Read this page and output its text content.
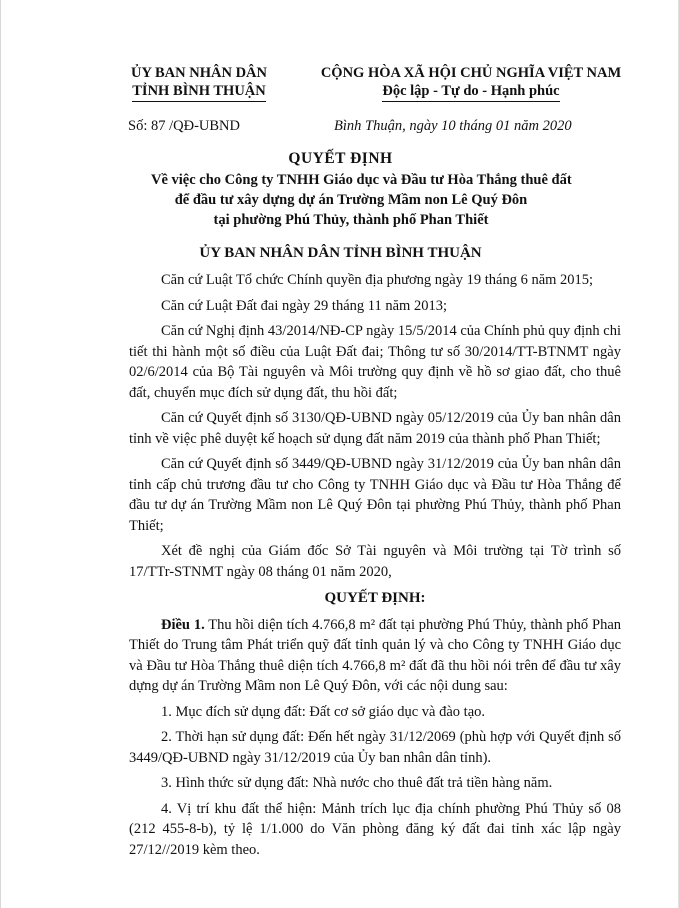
ỦY BAN NHÂN DÂN
TỈNH BÌNH THUẬN
CỘNG HÒA XÃ HỘI CHỦ NGHĨA VIỆT NAM
Độc lập - Tự do - Hạnh phúc
Số: 87 /QĐ-UBND	Bình Thuận, ngày 10 tháng 01 năm 2020
QUYẾT ĐỊNH
Về việc cho Công ty TNHH Giáo dục và Đầu tư Hòa Thắng thuê đất
để đầu tư xây dựng dự án Trường Mầm non Lê Quý Đôn
tại phường Phú Thủy, thành phố Phan Thiết
ỦY BAN NHÂN DÂN TỈNH BÌNH THUẬN

Căn cứ Luật Tổ chức Chính quyền địa phương ngày 19 tháng 6 năm 2015;

Căn cứ Luật Đất đai ngày 29 tháng 11 năm 2013;

Căn cứ Nghị định 43/2014/NĐ-CP ngày 15/5/2014 của Chính phủ quy định chi tiết thi hành một số điều của Luật Đất đai; Thông tư số 30/2014/TT-BTNMT ngày 02/6/2014 của Bộ Tài nguyên và Môi trường quy định về hồ sơ giao đất, cho thuê đất, chuyển mục đích sử dụng đất, thu hồi đất;

Căn cứ Quyết định số 3130/QĐ-UBND ngày 05/12/2019 của Ủy ban nhân dân tỉnh về việc phê duyệt kế hoạch sử dụng đất năm 2019 của thành phố Phan Thiết;

Căn cứ Quyết định số 3449/QĐ-UBND ngày 31/12/2019 của Ủy ban nhân dân tỉnh cấp chủ trương đầu tư cho Công ty TNHH Giáo dục và Đầu tư Hòa Thắng để đầu tư dự án Trường Mầm non Lê Quý Đôn tại phường Phú Thủy, thành phố Phan Thiết;

Xét đề nghị của Giám đốc Sở Tài nguyên và Môi trường tại Tờ trình số 17/TTr-STNMT ngày 08 tháng 01 năm 2020,

QUYẾT ĐỊNH:

Điều 1. Thu hồi diện tích 4.766,8 m² đất tại phường Phú Thủy, thành phố Phan Thiết do Trung tâm Phát triển quỹ đất tỉnh quản lý và cho Công ty TNHH Giáo dục và Đầu tư Hòa Thắng thuê diện tích 4.766,8 m² đất đã thu hồi nói trên để đầu tư xây dựng dự án Trường Mầm non Lê Quý Đôn, với các nội dung sau:

1. Mục đích sử dụng đất: Đất cơ sở giáo dục và đào tạo.

2. Thời hạn sử dụng đất: Đến hết ngày 31/12/2069 (phù hợp với Quyết định số 3449/QĐ-UBND ngày 31/12/2019 của Ủy ban nhân dân tỉnh).

3. Hình thức sử dụng đất: Nhà nước cho thuê đất trả tiền hàng năm.

4. Vị trí khu đất thể hiện: Mảnh trích lục địa chính phường Phú Thủy số 08 (212 455-8-b), tỷ lệ 1/1.000 do Văn phòng đăng ký đất đai tỉnh xác lập ngày 27/12//2019 kèm theo.
